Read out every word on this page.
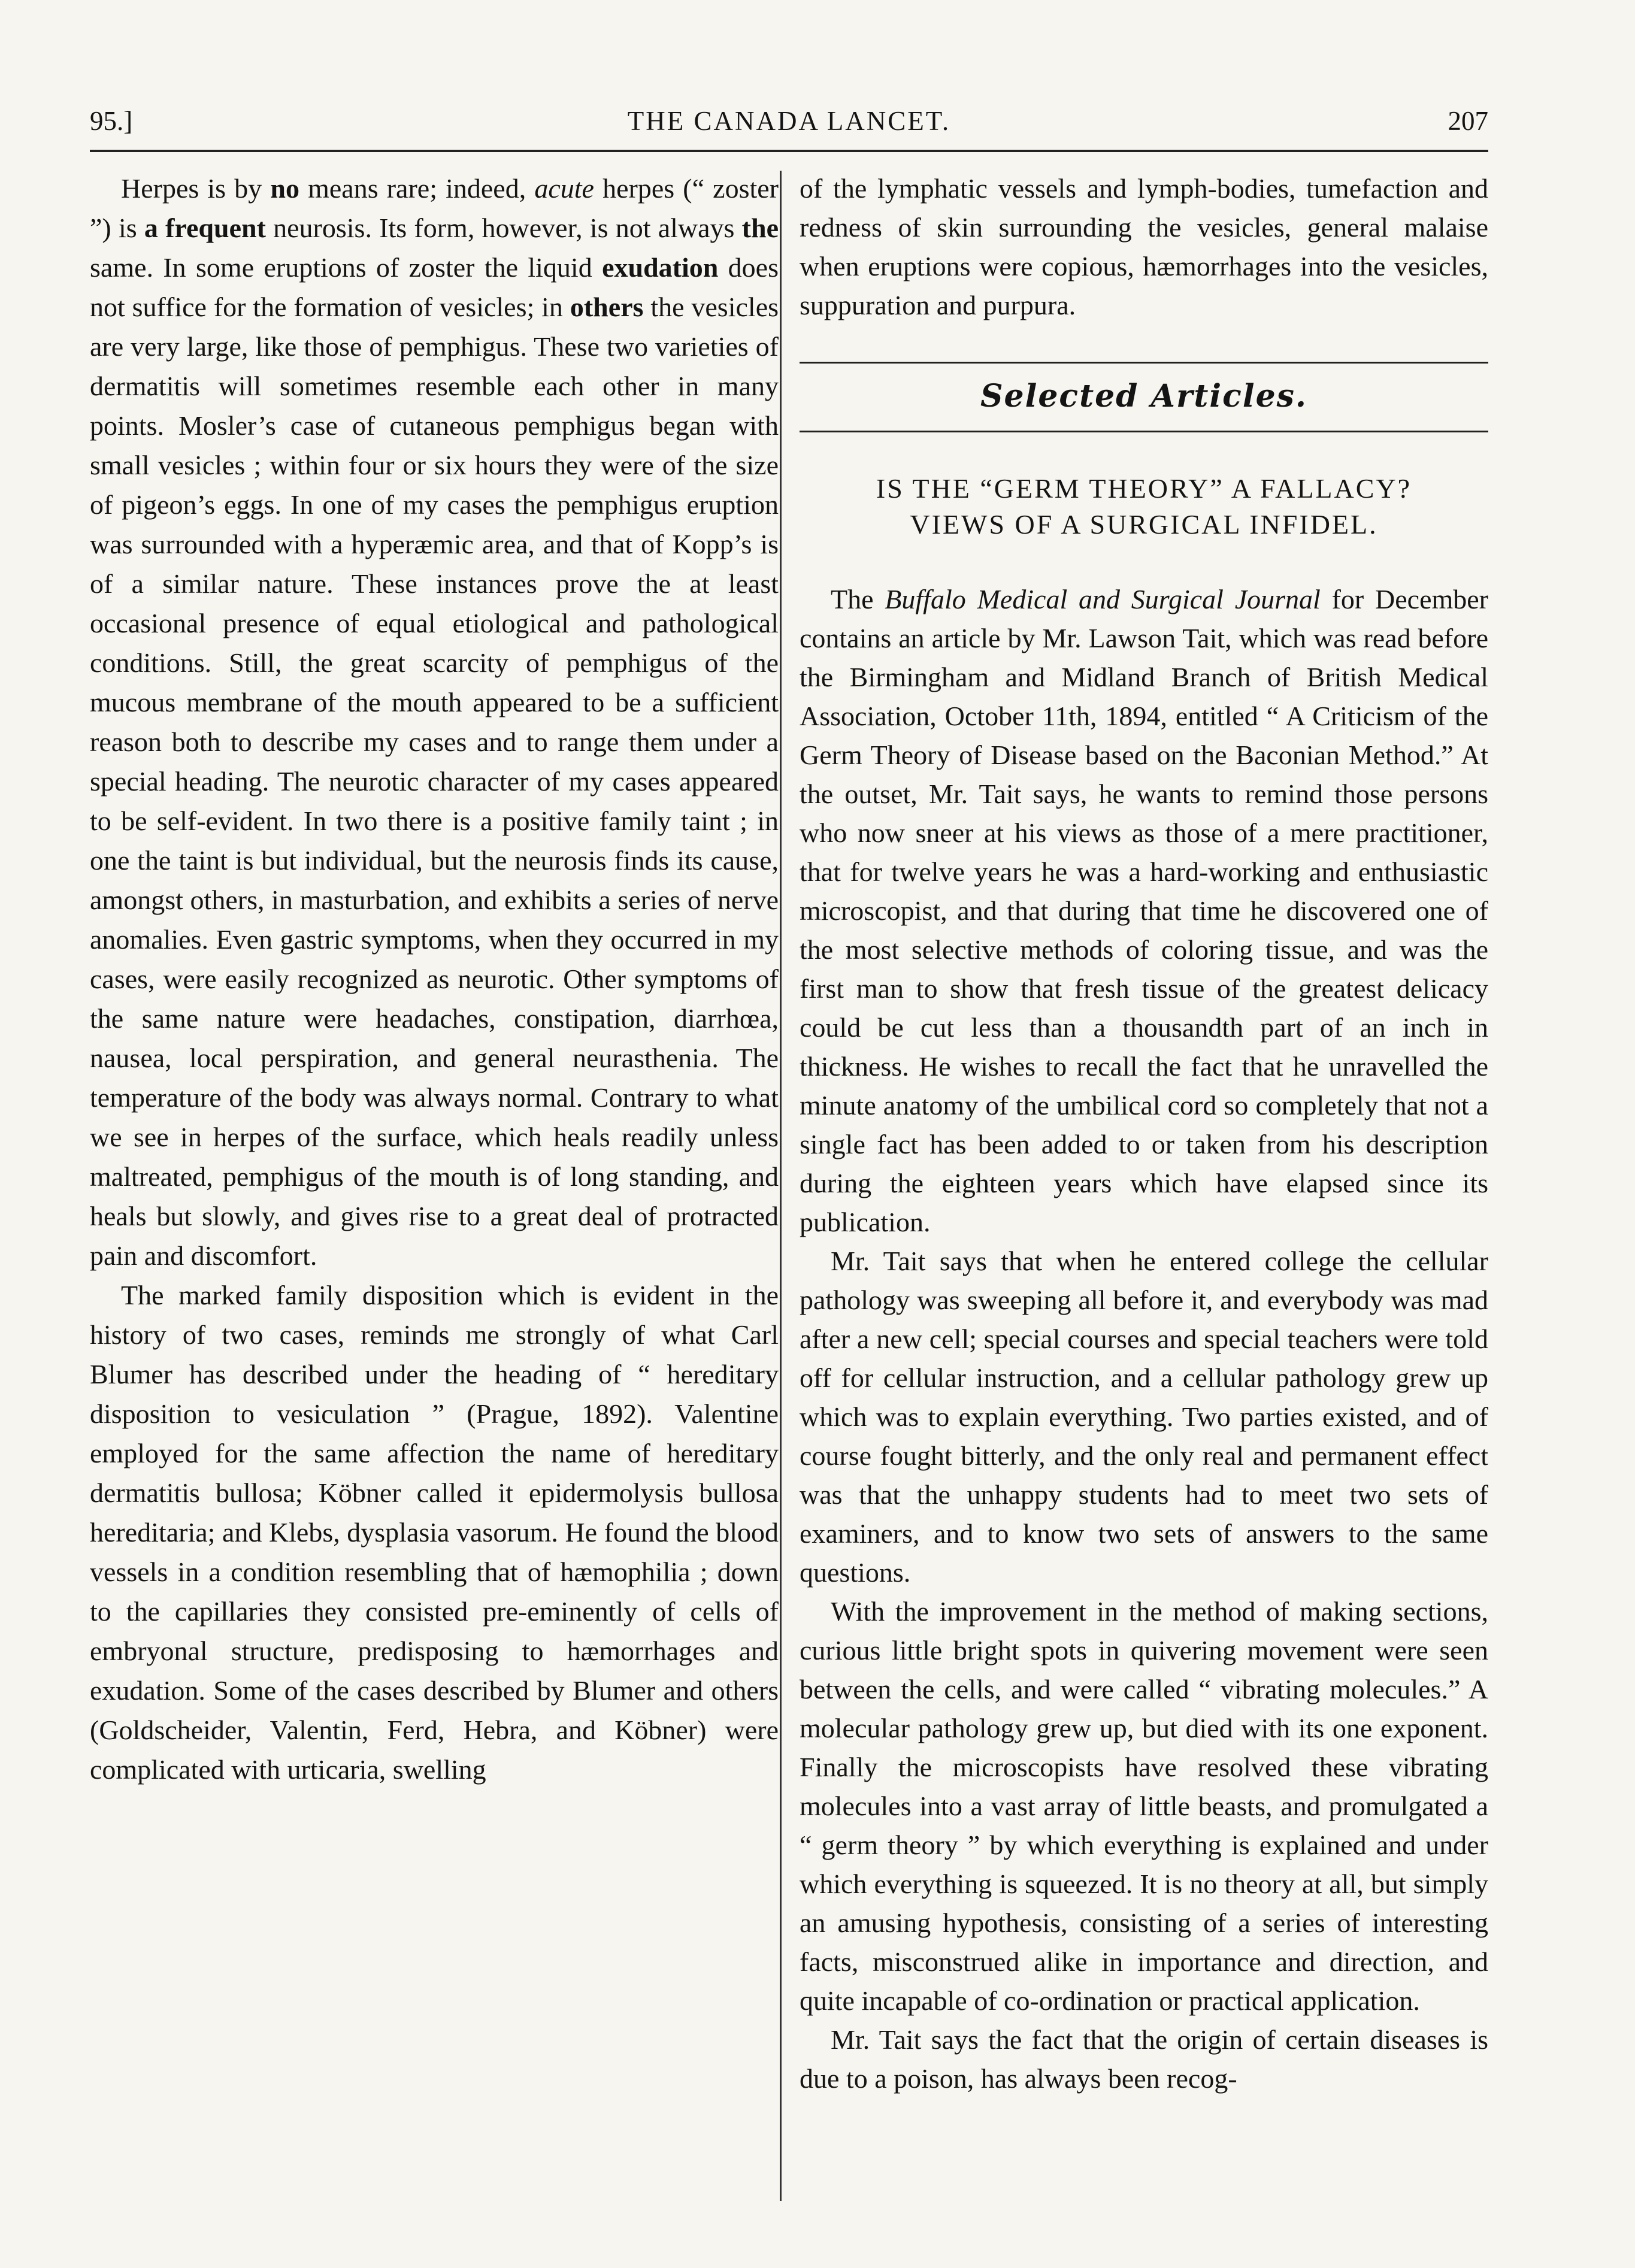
95.]	THE CANADA LANCET.	207

Herpes is by no means rare; indeed, acute herpes (“ zoster ”) is a frequent neurosis. Its form, however, is not always the same. In some eruptions of zoster the liquid exudation does not suffice for the formation of vesicles; in others the vesicles are very large, like those of pemphigus. These two varieties of dermatitis will sometimes resemble each other in many points. Mosler’s case of cutaneous pemphigus began with small vesicles ; within four or six hours they were of the size of pigeon’s eggs. In one of my cases the pemphigus eruption was surrounded with a hyperæmic area, and that of Kopp’s is of a similar nature. These instances prove the at least occasional presence of equal etiological and pathological conditions. Still, the great scarcity of pemphigus of the mucous membrane of the mouth appeared to be a sufficient reason both to describe my cases and to range them under a special heading. The neurotic character of my cases appeared to be self-evident. In two there is a positive family taint ; in one the taint is but individual, but the neurosis finds its cause, amongst others, in masturbation, and exhibits a series of nerve anomalies. Even gastric symptoms, when they occurred in my cases, were easily recognized as neurotic. Other symptoms of the same nature were headaches, constipation, diarrhœa, nausea, local perspiration, and general neurasthenia. The temperature of the body was always normal. Contrary to what we see in herpes of the surface, which heals readily unless maltreated, pemphigus of the mouth is of long standing, and heals but slowly, and gives rise to a great deal of protracted pain and discomfort.

The marked family disposition which is evident in the history of two cases, reminds me strongly of what Carl Blumer has described under the heading of “ hereditary disposition to vesiculation ” (Prague, 1892). Valentine employed for the same affection the name of hereditary dermatitis bullosa; Köbner called it epidermolysis bullosa hereditaria; and Klebs, dysplasia vasorum. He found the blood vessels in a condition resembling that of hæmophilia ; down to the capillaries they consisted pre-eminently of cells of embryonal structure, predisposing to hæmorrhages and exudation. Some of the cases described by Blumer and others (Goldscheider, Valentin, Ferd, Hebra, and Köbner) were complicated with urticaria, swelling

of the lymphatic vessels and lymph-bodies, tumefaction and redness of skin surrounding the vesicles, general malaise when eruptions were copious, hæmorrhages into the vesicles, suppuration and purpura.

Selected Articles.
IS THE “GERM THEORY” A FALLACY?
VIEWS OF A SURGICAL INFIDEL.

The Buffalo Medical and Surgical Journal for December contains an article by Mr. Lawson Tait, which was read before the Birmingham and Midland Branch of British Medical Association, October 11th, 1894, entitled “ A Criticism of the Germ Theory of Disease based on the Baconian Method.” At the outset, Mr. Tait says, he wants to remind those persons who now sneer at his views as those of a mere practitioner, that for twelve years he was a hard-working and enthusiastic microscopist, and that during that time he discovered one of the most selective methods of coloring tissue, and was the first man to show that fresh tissue of the greatest delicacy could be cut less than a thousandth part of an inch in thickness. He wishes to recall the fact that he unravelled the minute anatomy of the umbilical cord so completely that not a single fact has been added to or taken from his description during the eighteen years which have elapsed since its publication.

Mr. Tait says that when he entered college the cellular pathology was sweeping all before it, and everybody was mad after a new cell; special courses and special teachers were told off for cellular instruction, and a cellular pathology grew up which was to explain everything. Two parties existed, and of course fought bitterly, and the only real and permanent effect was that the unhappy students had to meet two sets of examiners, and to know two sets of answers to the same questions.

With the improvement in the method of making sections, curious little bright spots in quivering movement were seen between the cells, and were called “ vibrating molecules.” A molecular pathology grew up, but died with its one exponent. Finally the microscopists have resolved these vibrating molecules into a vast array of little beasts, and promulgated a “ germ theory ” by which everything is explained and under which everything is squeezed. It is no theory at all, but simply an amusing hypothesis, consisting of a series of interesting facts, misconstrued alike in importance and direction, and quite incapable of co-ordination or practical application.

Mr. Tait says the fact that the origin of certain diseases is due to a poison, has always been recog-
